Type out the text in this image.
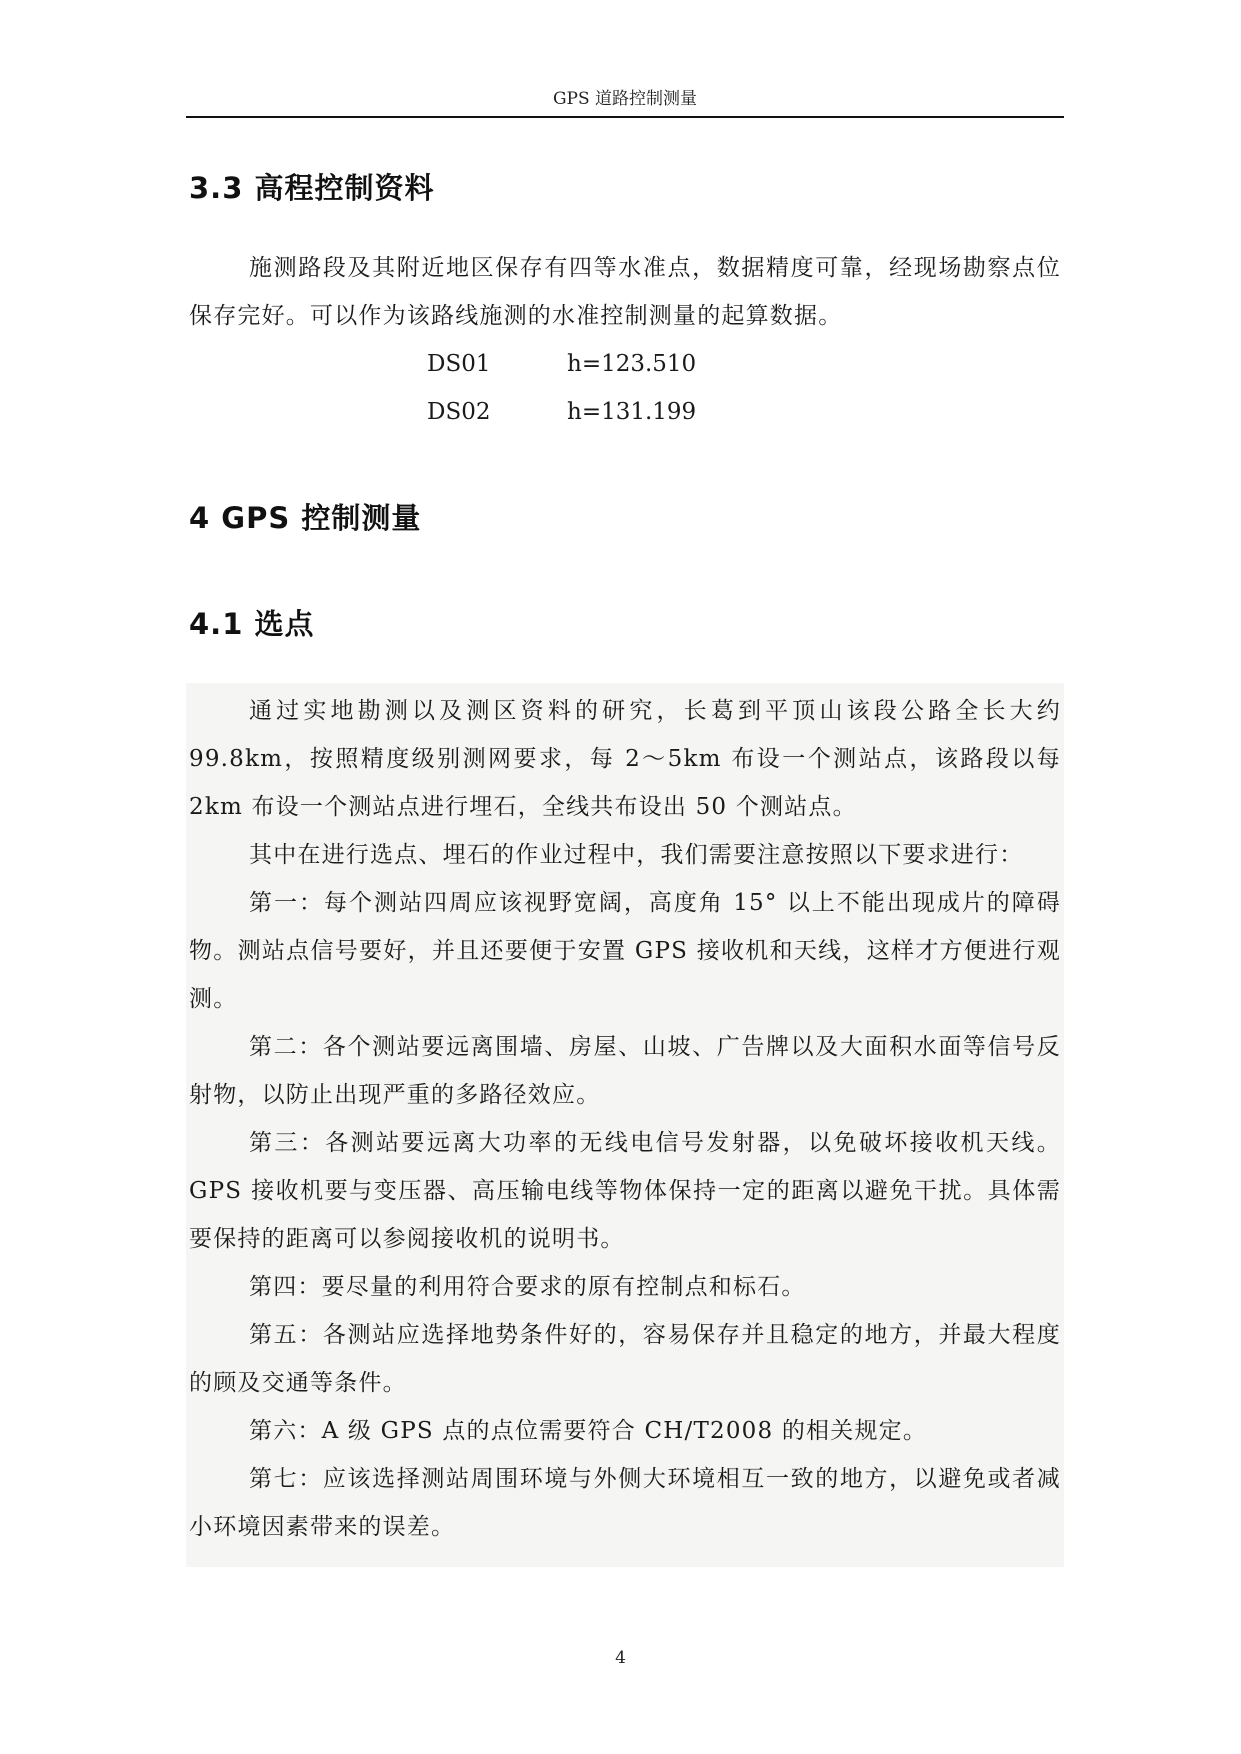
GPS 道路控制测量
3.3 高程控制资料

施测路段及其附近地区保存有四等水准点，数据精度可靠，经现场勘察点位保存完好。可以作为该路线施测的水准控制测量的起算数据。

DS01	h=123.510
DS02	h=131.199
4 GPS 控制测量
4.1 选点

通过实地勘测以及测区资料的研究，长葛到平顶山该段公路全长大约99.8km，按照精度级别测网要求，每 2～5km 布设一个测站点，该路段以每 2km 布设一个测站点进行埋石，全线共布设出 50 个测站点。

其中在进行选点、埋石的作业过程中，我们需要注意按照以下要求进行：

第一：每个测站四周应该视野宽阔，高度角 15° 以上不能出现成片的障碍物。测站点信号要好，并且还要便于安置 GPS 接收机和天线，这样才方便进行观测。

第二：各个测站要远离围墙、房屋、山坡、广告牌以及大面积水面等信号反射物，以防止出现严重的多路径效应。

第三：各测站要远离大功率的无线电信号发射器，以免破坏接收机天线。GPS 接收机要与变压器、高压输电线等物体保持一定的距离以避免干扰。具体需要保持的距离可以参阅接收机的说明书。

第四：要尽量的利用符合要求的原有控制点和标石。

第五：各测站应选择地势条件好的，容易保存并且稳定的地方，并最大程度的顾及交通等条件。

第六：A 级 GPS 点的点位需要符合 CH/T2008 的相关规定。

第七：应该选择测站周围环境与外侧大环境相互一致的地方，以避免或者减小环境因素带来的误差。

4
